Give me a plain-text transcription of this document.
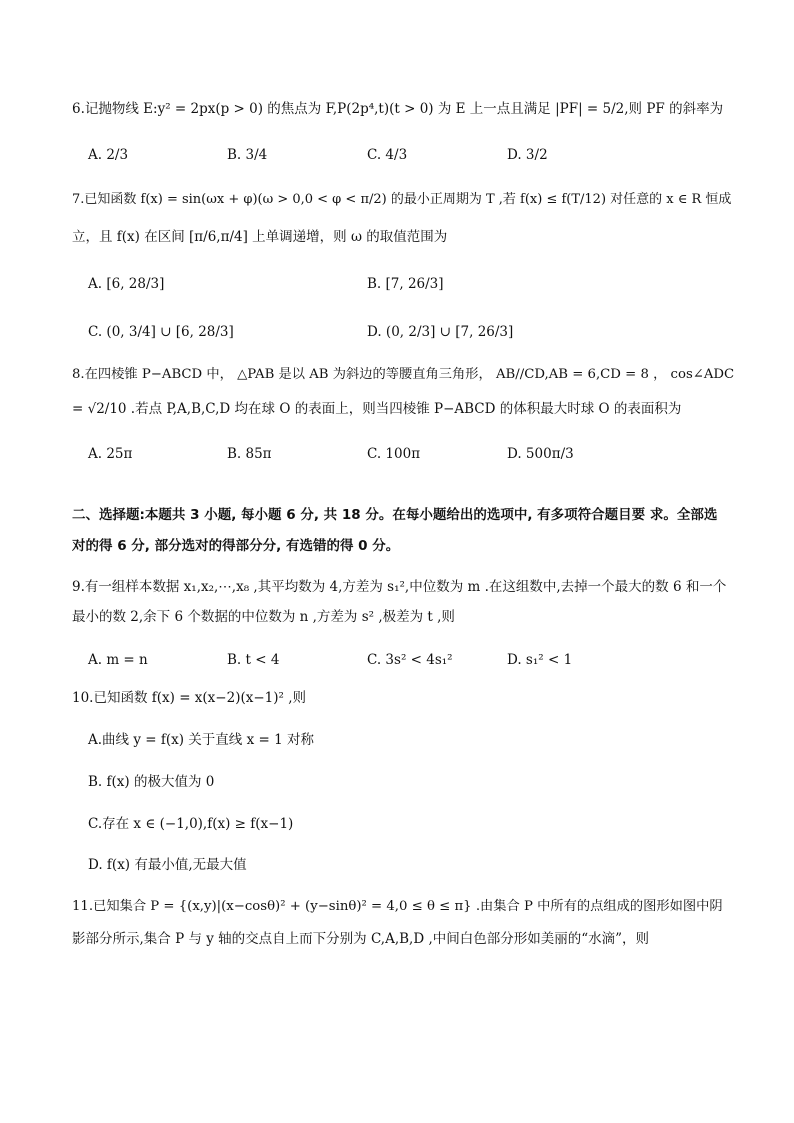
6.记抛物线 E:y² = 2px(p > 0) 的焦点为 F,P(2p⁴,t)(t > 0) 为 E 上一点且满足 |PF| = 5/2,则 PF 的斜率为
A. 2/3	B. 3/4	C. 4/3	D. 3/2
7.已知函数 f(x) = sin(ωx + φ)(ω > 0,0 < φ < π/2) 的最小正周期为 T ,若 f(x) ≤ f(T/12) 对任意的 x ∈ R 恒成
立，且 f(x) 在区间 [π/6,π/4] 上单调递增，则 ω 的取值范围为
A. [6, 28/3]	B. [7, 26/3]
C. (0, 3/4] ∪ [6, 28/3]	D. (0, 2/3] ∪ [7, 26/3]
8.在四棱锥 P−ABCD 中， △PAB 是以 AB 为斜边的等腰直角三角形， AB//CD,AB = 6,CD = 8 ， cos∠ADC
= √2/10 .若点 P,A,B,C,D 均在球 O 的表面上，则当四棱锥 P−ABCD 的体积最大时球 O 的表面积为
A. 25π	B. 85π	C. 100π	D. 500π/3
二、选择题:本题共 3 小题, 每小题 6 分, 共 18 分。在每小题给出的选项中, 有多项符合题目要 求。全部选
对的得 6 分, 部分选对的得部分分, 有选错的得 0 分。
9.有一组样本数据 x₁,x₂,⋯,x₈ ,其平均数为 4,方差为 s₁²,中位数为 m .在这组数中,去掉一个最大的数 6 和一个
最小的数 2,余下 6 个数据的中位数为 n ,方差为 s² ,极差为 t ,则
A. m = n	B. t < 4	C. 3s² < 4s₁²	D. s₁² < 1
10.已知函数 f(x) = x(x−2)(x−1)² ,则
A.曲线 y = f(x) 关于直线 x = 1 对称
B. f(x) 的极大值为 0
C.存在 x ∈ (−1,0),f(x) ≥ f(x−1)
D. f(x) 有最小值,无最大值
11.已知集合 P = {(x,y)|(x−cosθ)² + (y−sinθ)² = 4,0 ≤ θ ≤ π} .由集合 P 中所有的点组成的图形如图中阴
影部分所示,集合 P 与 y 轴的交点自上而下分别为 C,A,B,D ,中间白色部分形如美丽的“水滴”，则
